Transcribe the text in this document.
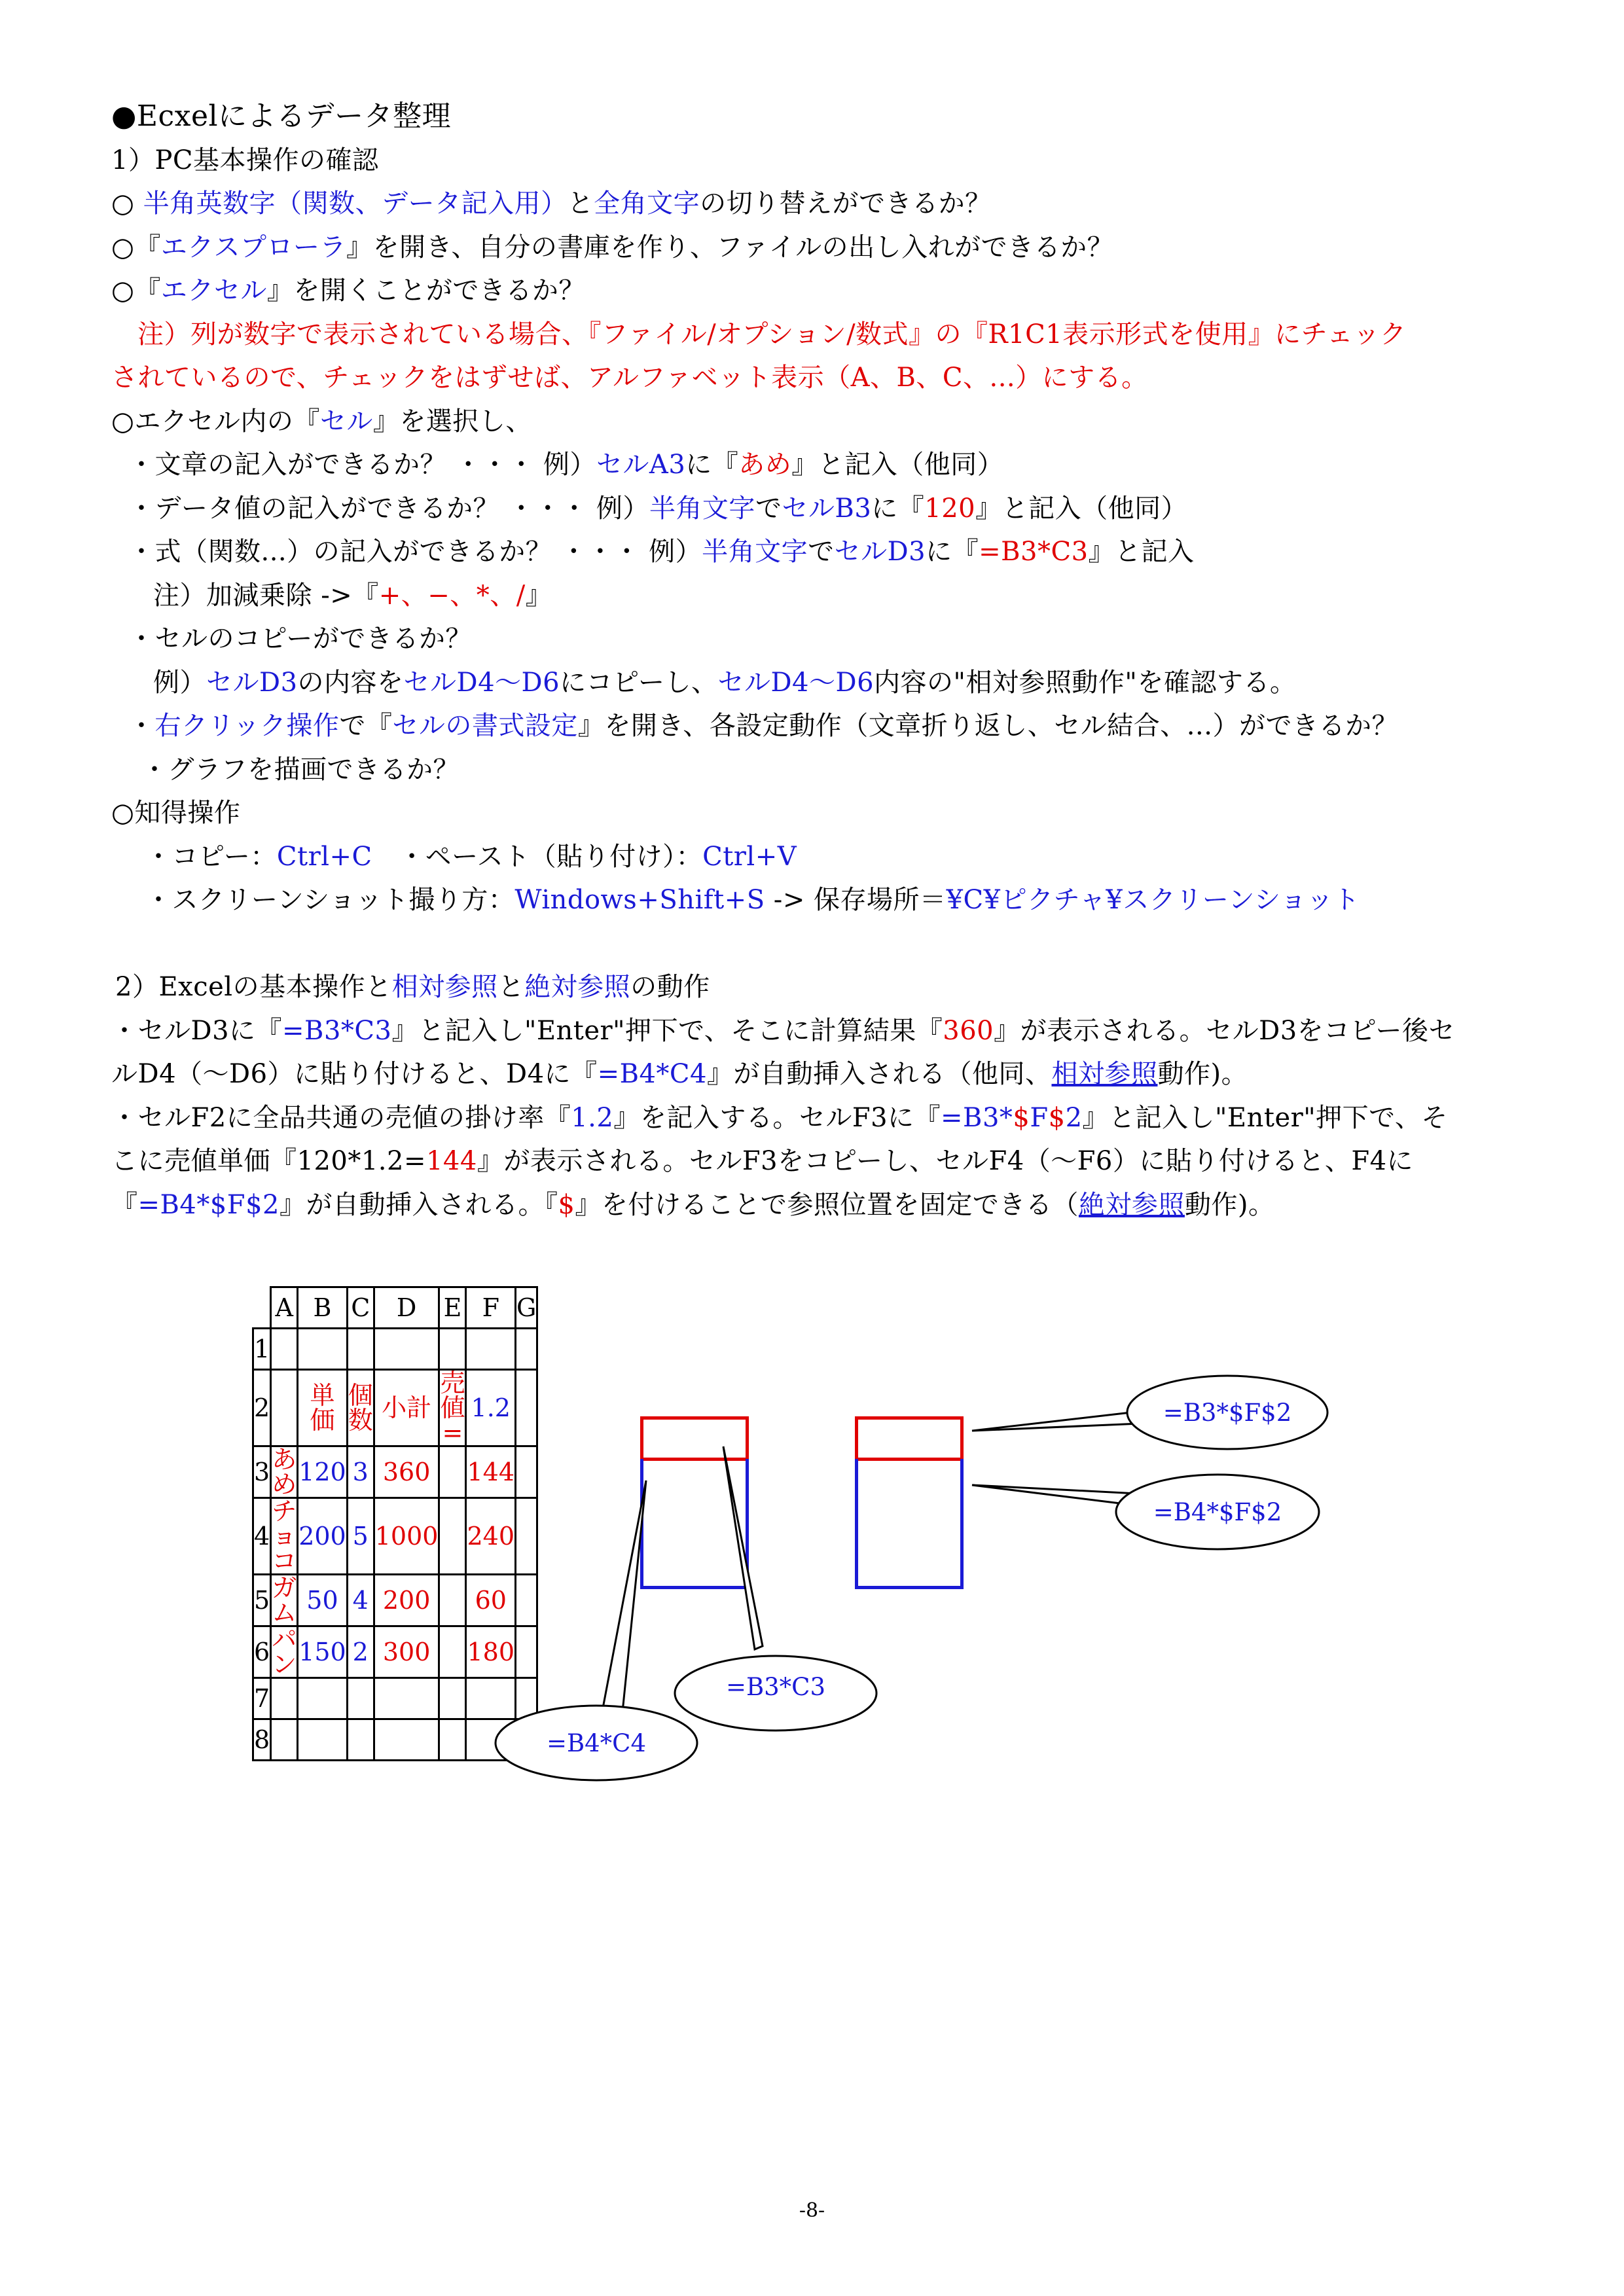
●Ecxelによるデータ整理
1）PC基本操作の確認
○ 半角英数字（関数、データ記入用）と全角文字の切り替えができるか？
○『エクスプローラ』を開き、自分の書庫を作り、ファイルの出し入れができるか？
○『エクセル』を開くことができるか？
注）列が数字で表示されている場合、『ファイル/オプション/数式』の『R1C1表示形式を使用』にチェック
されているので、チェックをはずせば、アルファベット表示（A、B、C、...）にする。
○エクセル内の『セル』を選択し、
・文章の記入ができるか？ ・・・ 例）セルA3に『あめ』と記入（他同）
・データ値の記入ができるか？ ・・・ 例）半角文字でセルB3に『120』と記入（他同）
・式（関数...）の記入ができるか？ ・・・ 例）半角文字でセルD3に『=B3*C3』と記入
注）加減乗除 ->『+、−、*、/』
・セルのコピーができるか？
例）セルD3の内容をセルD4〜D6にコピーし、セルD4〜D6内容の"相対参照動作"を確認する。
・右クリック操作で『セルの書式設定』を開き、各設定動作（文章折り返し、セル結合、...）ができるか？
・グラフを描画できるか？
○知得操作
・コピー：Ctrl+C　・ペースト（貼り付け）：Ctrl+V
・スクリーンショット撮り方：Windows+Shift+S -> 保存場所＝¥C¥ピクチャ¥スクリーンショット
2）Excelの基本操作と相対参照と絶対参照の動作
・セルD3に『=B3*C3』と記入し"Enter"押下で、そこに計算結果『360』が表示される。セルD3をコピー後セ
ルD4（〜D6）に貼り付けると、D4に『=B4*C4』が自動挿入される（他同、相対参照動作)。
・セルF2に全品共通の売値の掛け率『1.2』を記入する。セルF3に『=B3*$F$2』と記入し"Enter"押下で、そ
こに売値単価『120*1.2=144』が表示される。セルF3をコピーし、セルF4（〜F6）に貼り付けると、F4に
『=B4*$F$2』が自動挿入される。『$』を付けることで参照位置を固定できる（絶対参照動作)。
	A	B	C	D	E	F	G
1							
2		単価	個数	小計	売値=	1.2	
3	あめ	120	3	360		144	
4	チョコ	200	5	1000		240	
5	ガム	50	4	200		60	
6	パン	150	2	300		180	
7							
8							
=B3*$F$2
=B4*$F$2
=B3*C3
=B4*C4
-8-
